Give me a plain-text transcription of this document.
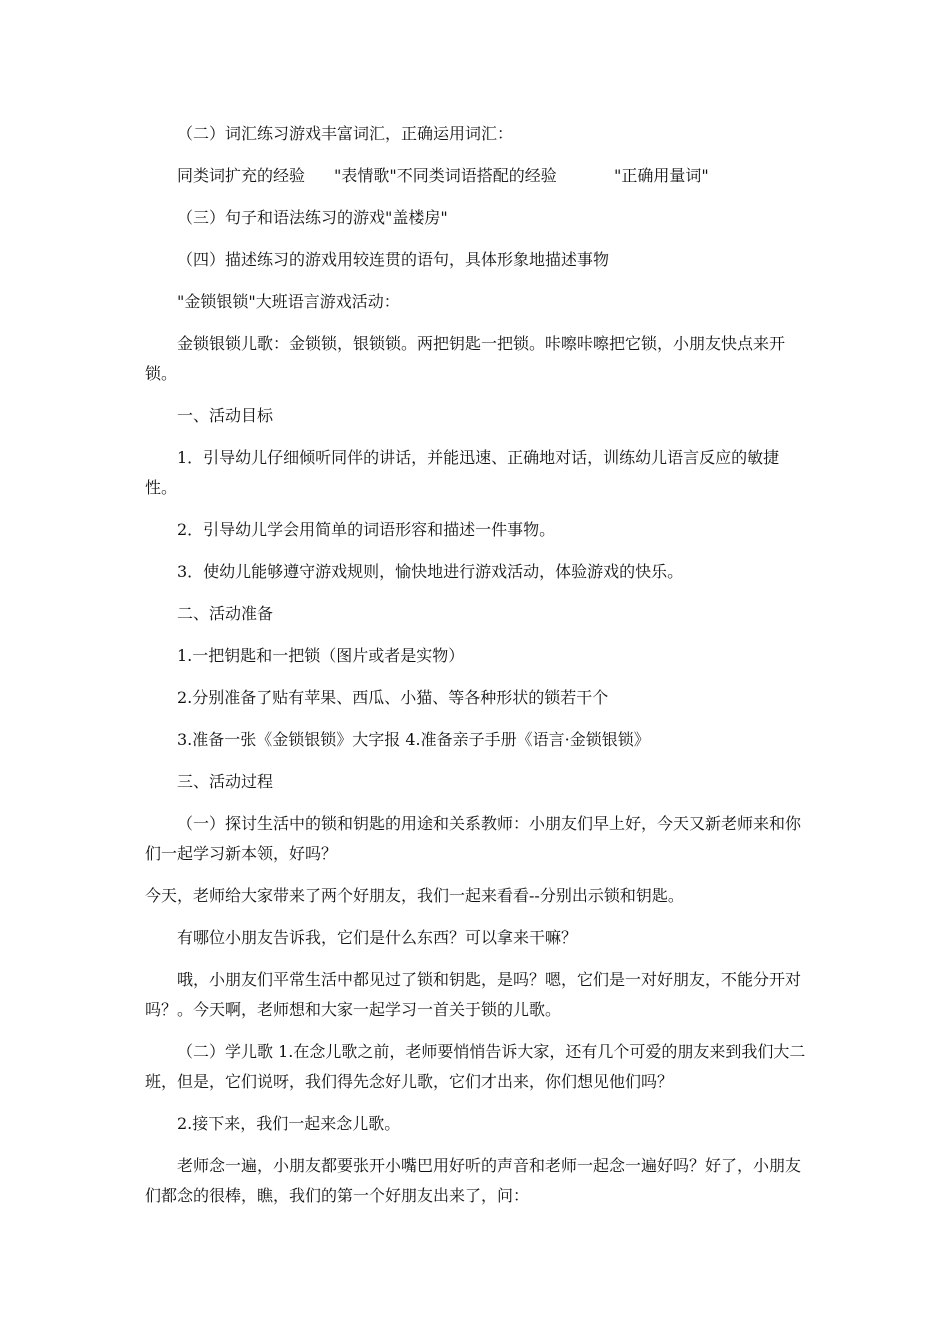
（二）词汇练习游戏丰富词汇，正确运用词汇：

同类词扩充的经验 "表情歌"不同类词语搭配的经验	"正确用量词"

（三）句子和语法练习的游戏"盖楼房"

（四）描述练习的游戏用较连贯的语句，具体形象地描述事物

"金锁银锁"大班语言游戏活动：

金锁银锁儿歌：金锁锁，银锁锁。两把钥匙一把锁。咔嚓咔嚓把它锁，小朋友快点来开锁。

一、活动目标

1．引导幼儿仔细倾听同伴的讲话，并能迅速、正确地对话，训练幼儿语言反应的敏捷性。

2．引导幼儿学会用简单的词语形容和描述一件事物。

3．使幼儿能够遵守游戏规则，愉快地进行游戏活动，体验游戏的快乐。

二、活动准备

1.一把钥匙和一把锁（图片或者是实物）

2.分别准备了贴有苹果、西瓜、小猫、等各种形状的锁若干个

3.准备一张《金锁银锁》大字报 4.准备亲子手册《语言·金锁银锁》

三、活动过程

（一）探讨生活中的锁和钥匙的用途和关系教师：小朋友们早上好，今天又新老师来和你们一起学习新本领，好吗？

今天，老师给大家带来了两个好朋友，我们一起来看看--分别出示锁和钥匙。

有哪位小朋友告诉我，它们是什么东西？可以拿来干嘛？

哦，小朋友们平常生活中都见过了锁和钥匙，是吗？嗯，它们是一对好朋友，不能分开对吗？。今天啊，老师想和大家一起学习一首关于锁的儿歌。

（二）学儿歌 1.在念儿歌之前，老师要悄悄告诉大家，还有几个可爱的朋友来到我们大二班，但是，它们说呀，我们得先念好儿歌，它们才出来，你们想见他们吗？

2.接下来，我们一起来念儿歌。

老师念一遍，小朋友都要张开小嘴巴用好听的声音和老师一起念一遍好吗？好了，小朋友们都念的很棒，瞧，我们的第一个好朋友出来了，问：
